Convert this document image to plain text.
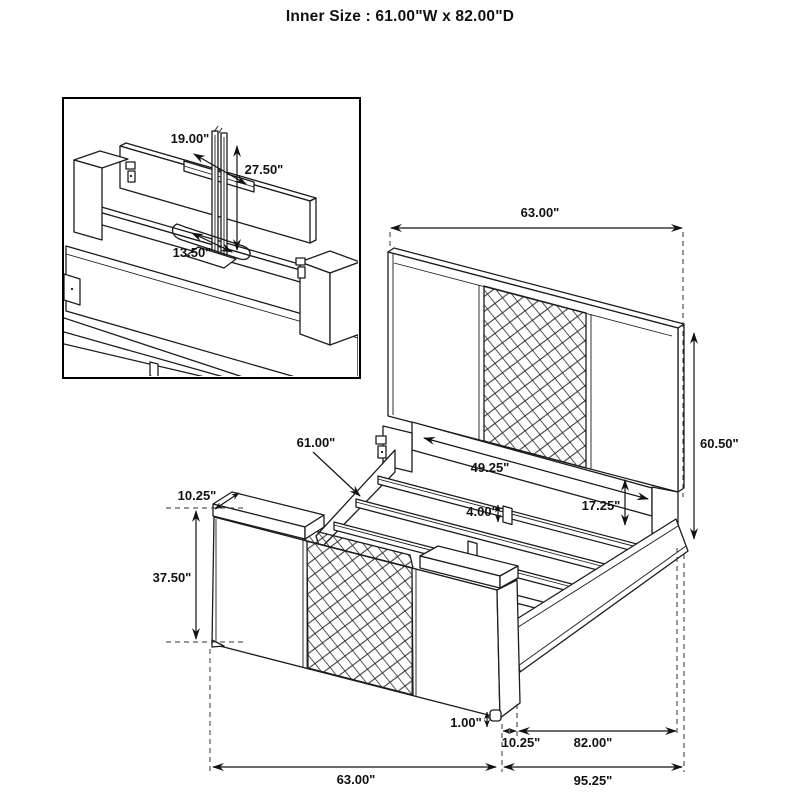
Inner Size : 61.00"W x 82.00"D
19.00"
27.50"
13.50"
63.00"
60.50"
61.00"
49.25"
17.25"
4.00"
10.25"
37.50"
1.00"
10.25"	82.00"
63.00"	95.25"
